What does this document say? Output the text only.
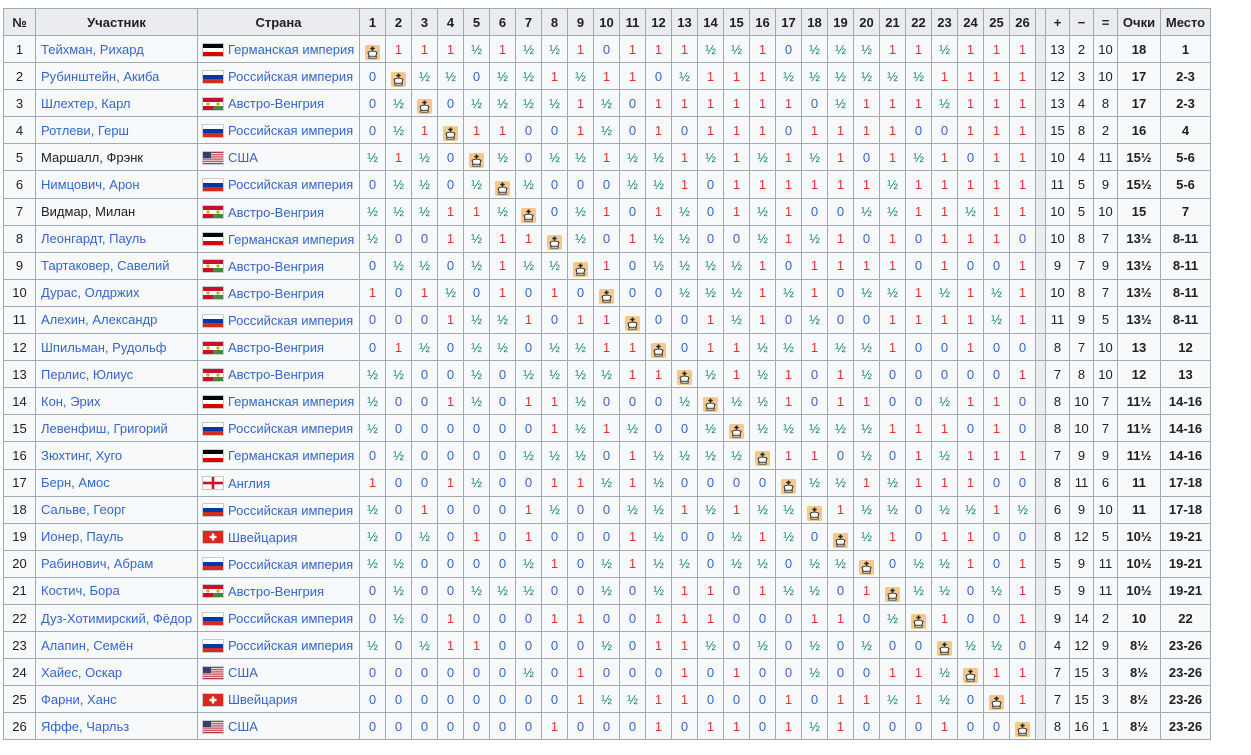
№	Участник	Страна	1	2	3	4	5	6	7	8	9	10	11	12	13	14	15	16	17	18	19	20	21	22	23	24	25	26		+	−	=	Очки	Место
1	Тейхман, Рихард	Германская империя		1	1	1	½	1	½	½	1	0	1	1	1	½	½	1	0	½	½	½	1	1	½	1	1	1		13	2	10	18	1
2	Рубинштейн, Акиба	Российская империя	0		½	½	0	½	½	1	½	1	1	0	½	1	1	1	½	½	½	½	½	½	1	1	1	1		12	3	10	17	2-3
3	Шлехтер, Карл	Австро-Венгрия	0	½		0	½	½	½	½	1	½	0	1	1	1	1	1	1	0	½	1	1	1	½	1	1	1		13	4	8	17	2-3
4	Ротлеви, Герш	Российская империя	0	½	1		1	1	0	0	1	½	0	1	0	1	1	1	0	1	1	1	1	0	0	1	1	1		15	8	2	16	4
5	Маршалл, Фрэнк	США	½	1	½	0		½	0	½	½	1	½	½	1	½	1	½	1	½	1	0	1	½	1	0	1	1		10	4	11	15½	5-6
6	Нимцович, Арон	Российская империя	0	½	½	0	½		½	0	0	0	½	½	1	0	1	1	1	1	1	1	½	1	1	1	1	1		11	5	9	15½	5-6
7	Видмар, Милан	Австро-Венгрия	½	½	½	1	1	½		0	½	1	0	1	½	0	1	½	1	0	0	½	½	1	1	½	1	1		10	5	10	15	7
8	Леонгардт, Пауль	Германская империя	½	0	0	1	½	1	1		½	0	1	½	½	0	0	½	1	½	1	0	1	0	1	1	1	0		10	8	7	13½	8-11
9	Тартаковер, Савелий	Австро-Венгрия	0	½	½	0	½	1	½	½		1	0	½	½	½	½	1	0	1	1	1	1	0	1	0	0	1		9	7	9	13½	8-11
10	Дурас, Олдржих	Австро-Венгрия	1	0	1	½	0	1	0	1	0		0	0	½	½	½	1	½	1	0	½	½	1	½	1	½	1		10	8	7	13½	8-11
11	Алехин, Александр	Российская империя	0	0	0	1	½	½	1	0	1	1		0	0	1	½	1	0	½	0	0	1	1	1	1	½	1		11	9	5	13½	8-11
12	Шпильман, Рудольф	Австро-Венгрия	0	1	½	0	½	½	0	½	½	1	1		0	1	1	½	½	1	½	½	1	0	0	1	0	0		8	7	10	13	12
13	Перлис, Юлиус	Австро-Венгрия	½	½	0	0	½	0	½	½	½	½	1	1		½	1	½	1	0	1	½	0	0	0	0	0	1		7	8	10	12	13
14	Кон, Эрих	Германская империя	½	0	0	1	½	0	1	1	½	0	0	0	½		½	½	1	0	1	1	0	0	½	1	1	0		8	10	7	11½	14-16
15	Левенфиш, Григорий	Российская империя	½	0	0	0	0	0	0	1	½	1	½	0	0	½		½	½	½	½	½	1	1	1	0	1	0		8	10	7	11½	14-16
16	Зюхтинг, Хуго	Германская империя	0	½	0	0	0	0	½	½	½	0	1	½	½	½	½		1	1	0	½	0	1	½	1	1	1		7	9	9	11½	14-16
17	Берн, Амос	Англия	1	0	0	1	½	0	0	1	1	½	1	½	0	0	0	0		½	½	1	½	1	1	1	0	0		8	11	6	11	17-18
18	Сальве, Георг	Российская империя	½	0	1	0	0	0	1	½	0	0	½	½	1	½	1	½	½		1	½	½	0	½	½	1	½		6	9	10	11	17-18
19	Ионер, Пауль	Швейцария	½	0	½	0	1	0	1	0	0	0	1	½	0	0	½	1	½	0		½	1	0	1	1	0	0		8	12	5	10½	19-21
20	Рабинович, Абрам	Российская империя	½	½	0	0	0	0	½	1	0	½	1	½	½	0	½	½	0	½	½		0	½	½	1	0	1		5	9	11	10½	19-21
21	Костич, Бора	Австро-Венгрия	0	½	0	0	½	½	½	0	0	½	0	½	1	1	0	1	½	½	0	1		½	½	0	½	1		5	9	11	10½	19-21
22	Дуз-Хотимирский, Фёдор	Российская империя	0	½	0	1	0	0	0	1	1	0	0	1	1	1	0	0	0	1	1	0	½		1	0	0	1		9	14	2	10	22
23	Алапин, Семён	Российская империя	½	0	½	1	1	0	0	0	0	½	0	1	1	½	0	½	0	½	0	½	0	0		½	½	0		4	12	9	8½	23-26
24	Хайес, Оскар	США	0	0	0	0	0	0	½	0	1	0	0	0	1	0	1	0	0	½	0	0	1	1	½		1	1		7	15	3	8½	23-26
25	Фарни, Ханс	Швейцария	0	0	0	0	0	0	0	0	1	½	½	1	1	0	0	0	1	0	1	1	½	1	½	0		1		7	15	3	8½	23-26
26	Яффе, Чарльз	США	0	0	0	0	0	0	0	1	0	0	0	1	0	1	1	0	1	½	1	0	0	0	1	0	0			8	16	1	8½	23-26
